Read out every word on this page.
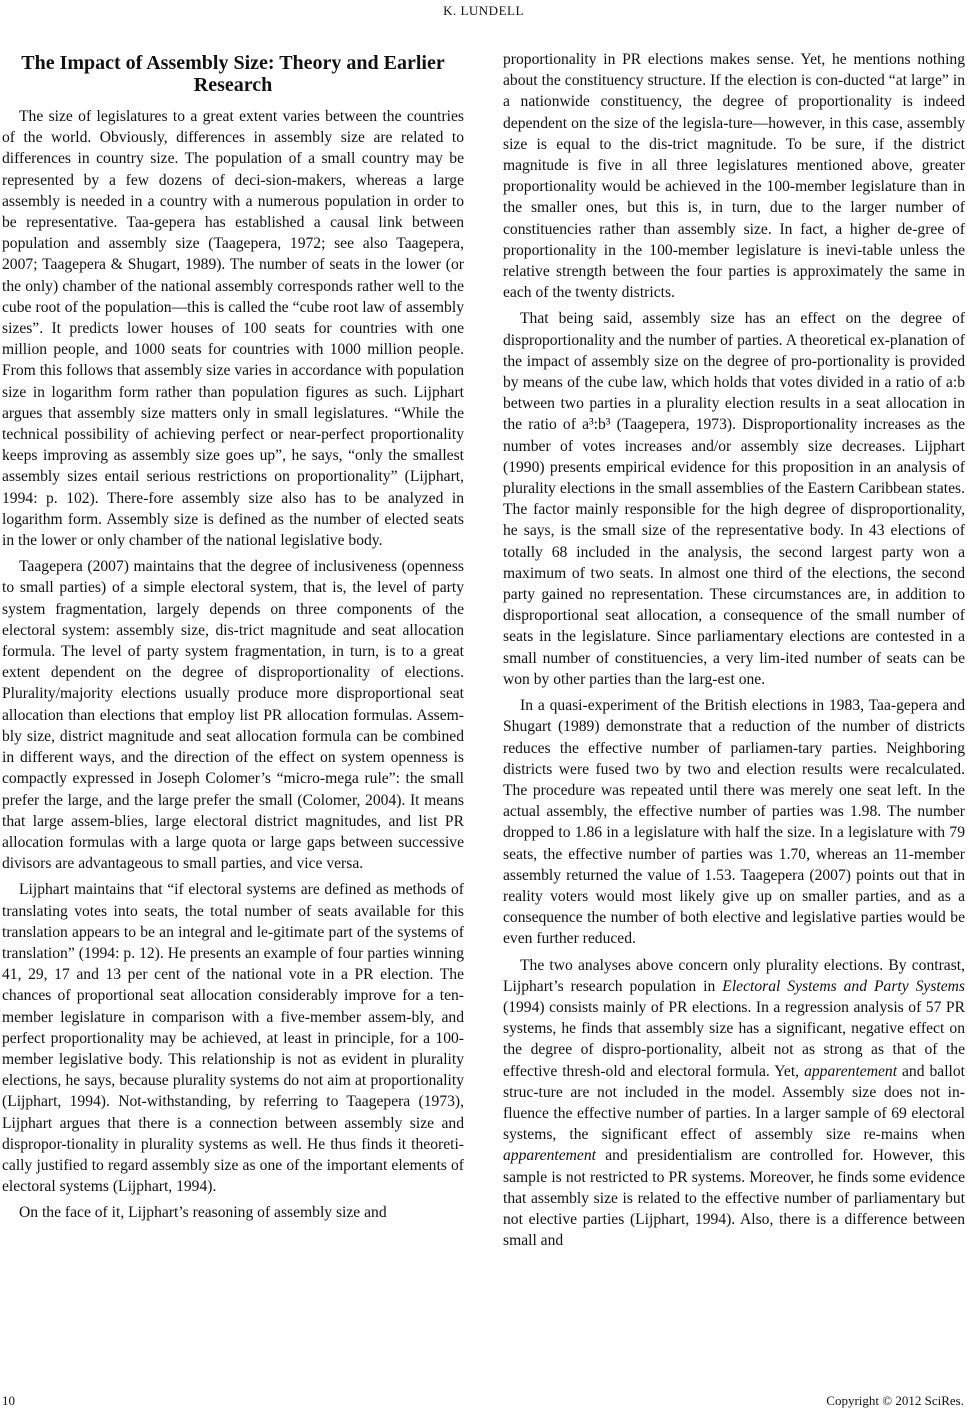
K. LUNDELL
The Impact of Assembly Size: Theory and Earlier Research

The size of legislatures to a great extent varies between the countries of the world. Obviously, differences in assembly size are related to differences in country size. The population of a small country may be represented by a few dozens of deci-sion-makers, whereas a large assembly is needed in a country with a numerous population in order to be representative. Taa-gepera has established a causal link between population and assembly size (Taagepera, 1972; see also Taagepera, 2007; Taagepera & Shugart, 1989). The number of seats in the lower (or the only) chamber of the national assembly corresponds rather well to the cube root of the population—this is called the “cube root law of assembly sizes”. It predicts lower houses of 100 seats for countries with one million people, and 1000 seats for countries with 1000 million people. From this follows that assembly size varies in accordance with population size in logarithm form rather than population figures as such. Lijphart argues that assembly size matters only in small legislatures. “While the technical possibility of achieving perfect or near-perfect proportionality keeps improving as assembly size goes up”, he says, “only the smallest assembly sizes entail serious restrictions on proportionality” (Lijphart, 1994: p. 102). There-fore assembly size also has to be analyzed in logarithm form. Assembly size is defined as the number of elected seats in the lower or only chamber of the national legislative body.

Taagepera (2007) maintains that the degree of inclusiveness (openness to small parties) of a simple electoral system, that is, the level of party system fragmentation, largely depends on three components of the electoral system: assembly size, dis-trict magnitude and seat allocation formula. The level of party system fragmentation, in turn, is to a great extent dependent on the degree of disproportionality of elections. Plurality/majority elections usually produce more disproportional seat allocation than elections that employ list PR allocation formulas. Assem-bly size, district magnitude and seat allocation formula can be combined in different ways, and the direction of the effect on system openness is compactly expressed in Joseph Colomer’s “micro-mega rule”: the small prefer the large, and the large prefer the small (Colomer, 2004). It means that large assem-blies, large electoral district magnitudes, and list PR allocation formulas with a large quota or large gaps between successive divisors are advantageous to small parties, and vice versa.

Lijphart maintains that “if electoral systems are defined as methods of translating votes into seats, the total number of seats available for this translation appears to be an integral and le-gitimate part of the systems of translation” (1994: p. 12). He presents an example of four parties winning 41, 29, 17 and 13 per cent of the national vote in a PR election. The chances of proportional seat allocation considerably improve for a ten-member legislature in comparison with a five-member assem-bly, and perfect proportionality may be achieved, at least in principle, for a 100-member legislative body. This relationship is not as evident in plurality elections, he says, because plurality systems do not aim at proportionality (Lijphart, 1994). Not-withstanding, by referring to Taagepera (1973), Lijphart argues that there is a connection between assembly size and dispropor-tionality in plurality systems as well. He thus finds it theoreti-cally justified to regard assembly size as one of the important elements of electoral systems (Lijphart, 1994).

On the face of it, Lijphart’s reasoning of assembly size and

proportionality in PR elections makes sense. Yet, he mentions nothing about the constituency structure. If the election is con-ducted “at large” in a nationwide constituency, the degree of proportionality is indeed dependent on the size of the legisla-ture—however, in this case, assembly size is equal to the dis-trict magnitude. To be sure, if the district magnitude is five in all three legislatures mentioned above, greater proportionality would be achieved in the 100-member legislature than in the smaller ones, but this is, in turn, due to the larger number of constituencies rather than assembly size. In fact, a higher de-gree of proportionality in the 100-member legislature is inevi-table unless the relative strength between the four parties is approximately the same in each of the twenty districts.

That being said, assembly size has an effect on the degree of disproportionality and the number of parties. A theoretical ex-planation of the impact of assembly size on the degree of pro-portionality is provided by means of the cube law, which holds that votes divided in a ratio of a:b between two parties in a plurality election results in a seat allocation in the ratio of a³:b³ (Taagepera, 1973). Disproportionality increases as the number of votes increases and/or assembly size decreases. Lijphart (1990) presents empirical evidence for this proposition in an analysis of plurality elections in the small assemblies of the Eastern Caribbean states. The factor mainly responsible for the high degree of disproportionality, he says, is the small size of the representative body. In 43 elections of totally 68 included in the analysis, the second largest party won a maximum of two seats. In almost one third of the elections, the second party gained no representation. These circumstances are, in addition to disproportional seat allocation, a consequence of the small number of seats in the legislature. Since parliamentary elections are contested in a small number of constituencies, a very lim-ited number of seats can be won by other parties than the larg-est one.

In a quasi-experiment of the British elections in 1983, Taa-gepera and Shugart (1989) demonstrate that a reduction of the number of districts reduces the effective number of parliamen-tary parties. Neighboring districts were fused two by two and election results were recalculated. The procedure was repeated until there was merely one seat left. In the actual assembly, the effective number of parties was 1.98. The number dropped to 1.86 in a legislature with half the size. In a legislature with 79 seats, the effective number of parties was 1.70, whereas an 11-member assembly returned the value of 1.53. Taagepera (2007) points out that in reality voters would most likely give up on smaller parties, and as a consequence the number of both elective and legislative parties would be even further reduced.

The two analyses above concern only plurality elections. By contrast, Lijphart’s research population in Electoral Systems and Party Systems (1994) consists mainly of PR elections. In a regression analysis of 57 PR systems, he finds that assembly size has a significant, negative effect on the degree of dispro-portionality, albeit not as strong as that of the effective thresh-old and electoral formula. Yet, apparentement and ballot struc-ture are not included in the model. Assembly size does not in-fluence the effective number of parties. In a larger sample of 69 electoral systems, the significant effect of assembly size re-mains when apparentement and presidentialism are controlled for. However, this sample is not restricted to PR systems. Moreover, he finds some evidence that assembly size is related to the effective number of parliamentary but not elective parties (Lijphart, 1994). Also, there is a difference between small and

10	Copyright © 2012 SciRes.
